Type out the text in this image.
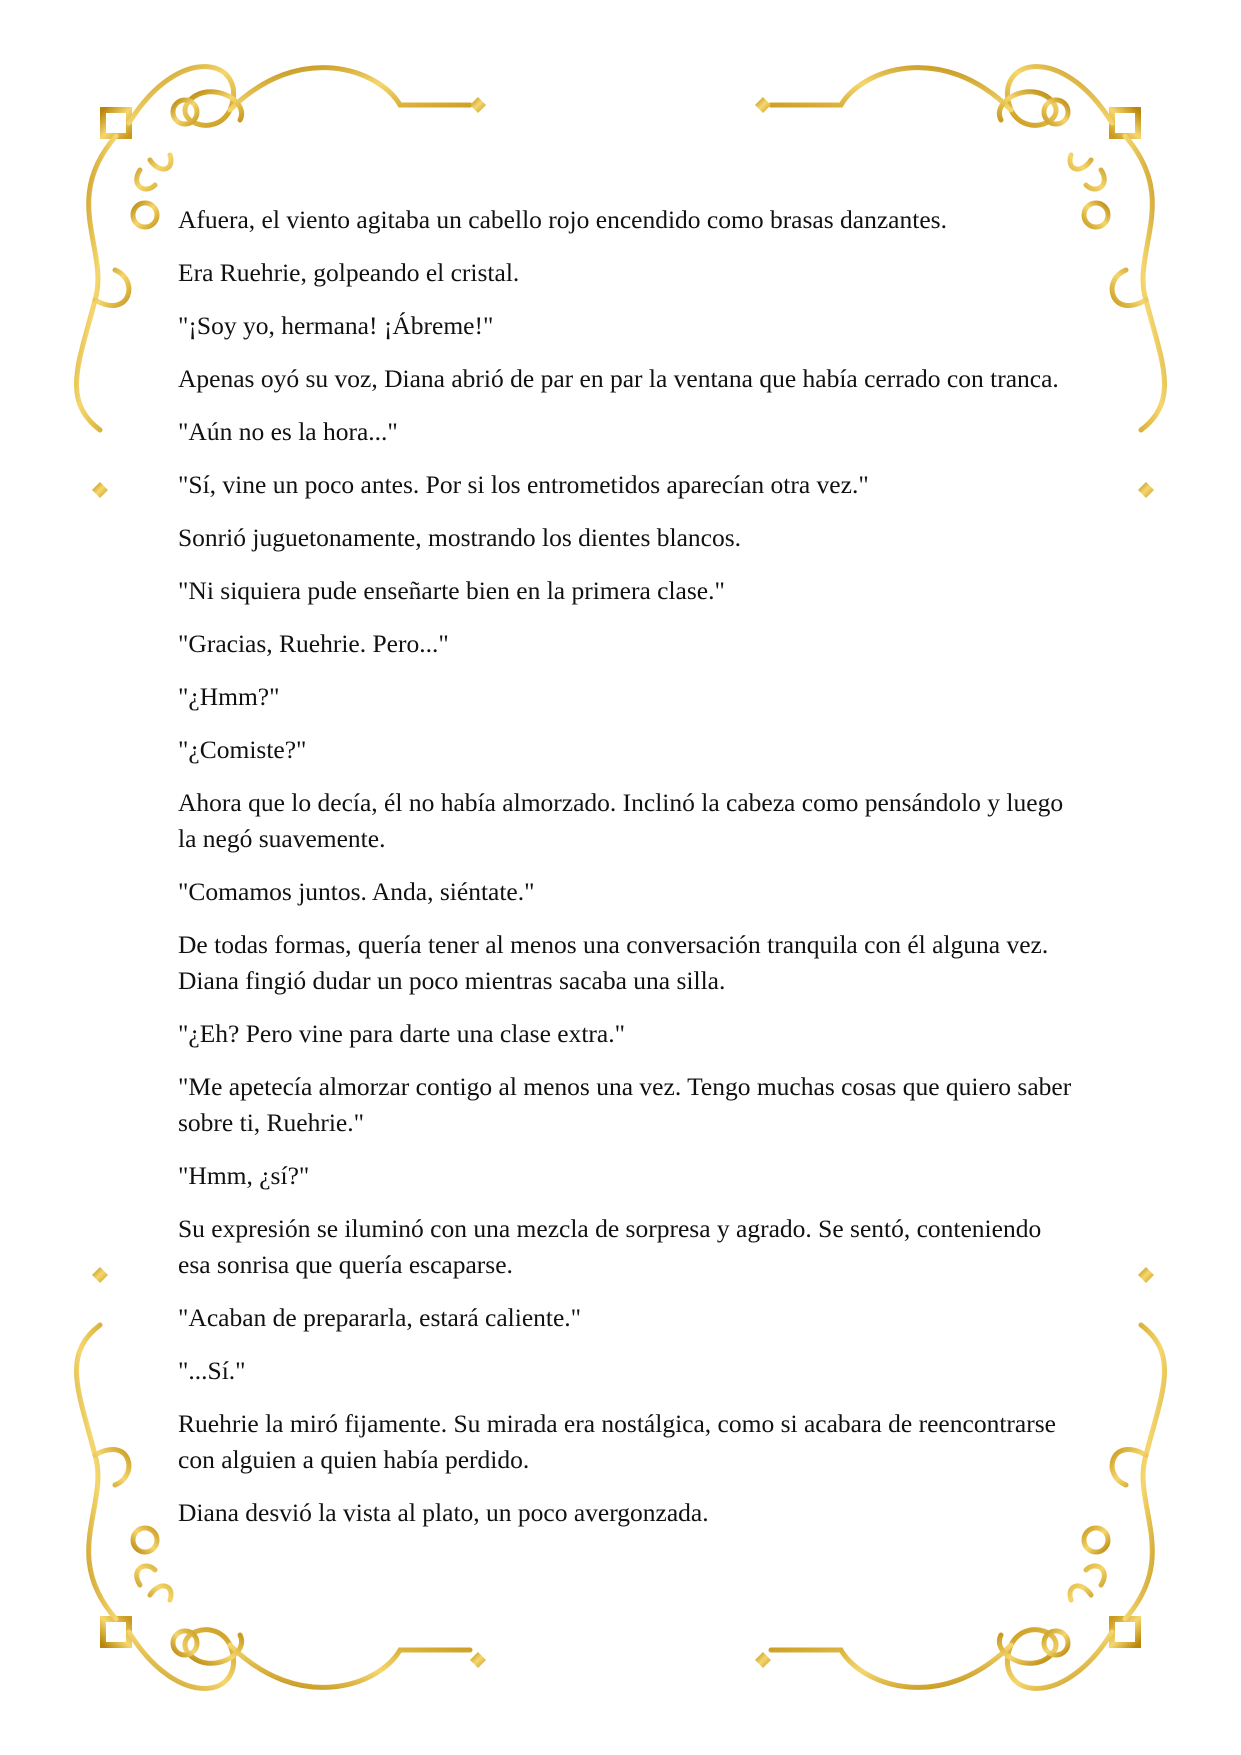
Afuera, el viento agitaba un cabello rojo encendido como brasas danzantes.

Era Ruehrie, golpeando el cristal.

"¡Soy yo, hermana! ¡Ábreme!"

Apenas oyó su voz, Diana abrió de par en par la ventana que había cerrado con tranca.

"Aún no es la hora..."

"Sí, vine un poco antes. Por si los entrometidos aparecían otra vez."

Sonrió juguetonamente, mostrando los dientes blancos.

"Ni siquiera pude enseñarte bien en la primera clase."

"Gracias, Ruehrie. Pero..."

"¿Hmm?"

"¿Comiste?"

Ahora que lo decía, él no había almorzado. Inclinó la cabeza como pensándolo y luego la negó suavemente.

"Comamos juntos. Anda, siéntate."

De todas formas, quería tener al menos una conversación tranquila con él alguna vez. Diana fingió dudar un poco mientras sacaba una silla.

"¿Eh? Pero vine para darte una clase extra."

"Me apetecía almorzar contigo al menos una vez. Tengo muchas cosas que quiero saber sobre ti, Ruehrie."

"Hmm, ¿sí?"

Su expresión se iluminó con una mezcla de sorpresa y agrado. Se sentó, conteniendo esa sonrisa que quería escaparse.

"Acaban de prepararla, estará caliente."

"...Sí."

Ruehrie la miró fijamente. Su mirada era nostálgica, como si acabara de reencontrarse con alguien a quien había perdido.

Diana desvió la vista al plato, un poco avergonzada.
